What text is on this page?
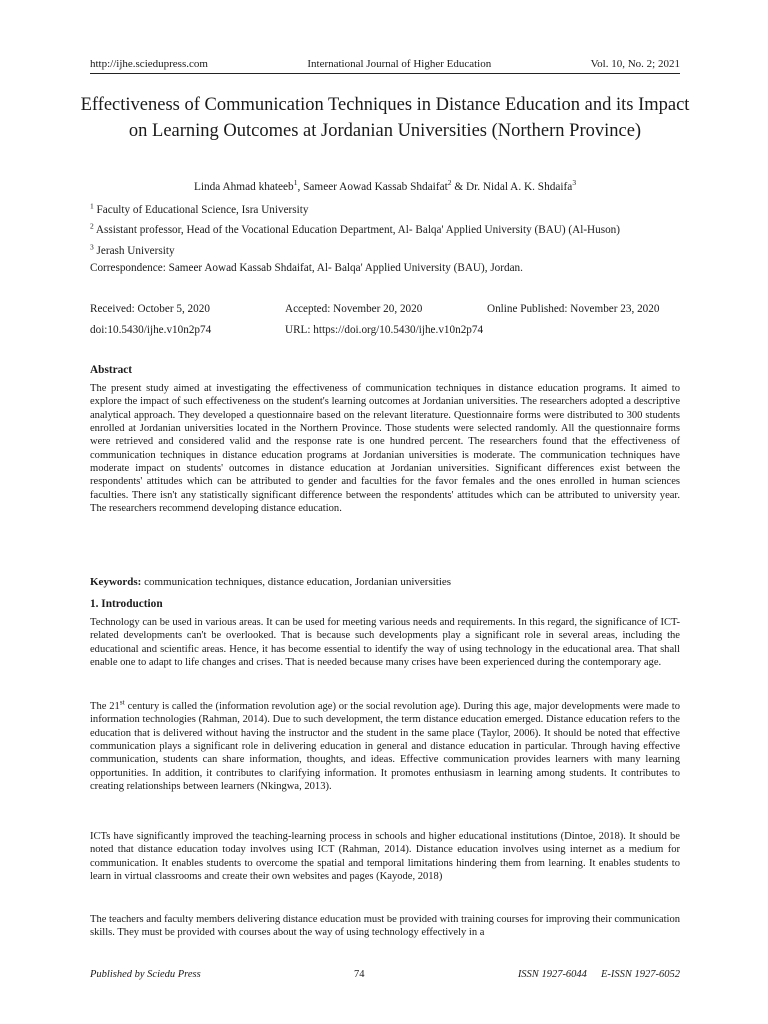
http://ijhe.sciedupress.com	International Journal of Higher Education	Vol. 10, No. 2; 2021
Effectiveness of Communication Techniques in Distance Education and its Impact on Learning Outcomes at Jordanian Universities (Northern Province)
Linda Ahmad khateeb$^1$, Sameer Aowad Kassab Shdaifat$^2$ & Dr. Nidal A. K. Shdaifa$^3$
$^1$ Faculty of Educational Science, Isra University
$^2$ Assistant professor, Head of the Vocational Education Department, Al- Balqa' Applied University (BAU) (Al-Huson)
$^3$ Jerash University
Correspondence: Sameer Aowad Kassab Shdaifat, Al- Balqa' Applied University (BAU), Jordan.
Received: October 5, 2020	Accepted: November 20, 2020	Online Published: November 23, 2020
doi:10.5430/ijhe.v10n2p74	URL: https://doi.org/10.5430/ijhe.v10n2p74
Abstract
The present study aimed at investigating the effectiveness of communication techniques in distance education programs. It aimed to explore the impact of such effectiveness on the student's learning outcomes at Jordanian universities. The researchers adopted a descriptive analytical approach. They developed a questionnaire based on the relevant literature. Questionnaire forms were distributed to 300 students enrolled at Jordanian universities located in the Northern Province. Those students were selected randomly. All the questionnaire forms were retrieved and considered valid and the response rate is one hundred percent. The researchers found that the effectiveness of communication techniques in distance education programs at Jordanian universities is moderate. The communication techniques have moderate impact on students' outcomes in distance education at Jordanian universities. Significant differences exist between the respondents' attitudes which can be attributed to gender and faculties for the favor females and the ones enrolled in human sciences faculties. There isn't any statistically significant difference between the respondents' attitudes which can be attributed to university year. The researchers recommend developing distance education.
Keywords: communication techniques, distance education, Jordanian universities
1. Introduction
Technology can be used in various areas. It can be used for meeting various needs and requirements. In this regard, the significance of ICT-related developments can't be overlooked. That is because such developments play a significant role in several areas, including the educational and scientific areas. Hence, it has become essential to identify the way of using technology in the educational area. That shall enable one to adapt to life changes and crises. That is needed because many crises have been experienced during the contemporary age.
The 21st century is called the (information revolution age) or the social revolution age). During this age, major developments were made to information technologies (Rahman, 2014). Due to such development, the term distance education emerged. Distance education refers to the education that is delivered without having the instructor and the student in the same place (Taylor, 2006). It should be noted that effective communication plays a significant role in delivering education in general and distance education in particular. Through having effective communication, students can share information, thoughts, and ideas. Effective communication provides learners with many learning opportunities. In addition, it contributes to clarifying information. It promotes enthusiasm in learning among students. It contributes to creating relationships between learners (Nkingwa, 2013).
ICTs have significantly improved the teaching-learning process in schools and higher educational institutions (Dintoe, 2018). It should be noted that distance education today involves using ICT (Rahman, 2014). Distance education involves using internet as a medium for communication. It enables students to overcome the spatial and temporal limitations hindering them from learning. It enables students to learn in virtual classrooms and create their own websites and pages (Kayode, 2018)
The teachers and faculty members delivering distance education must be provided with training courses for improving their communication skills. They must be provided with courses about the way of using technology effectively in a
Published by Sciedu Press	74	ISSN 1927-6044 E-ISSN 1927-6052
